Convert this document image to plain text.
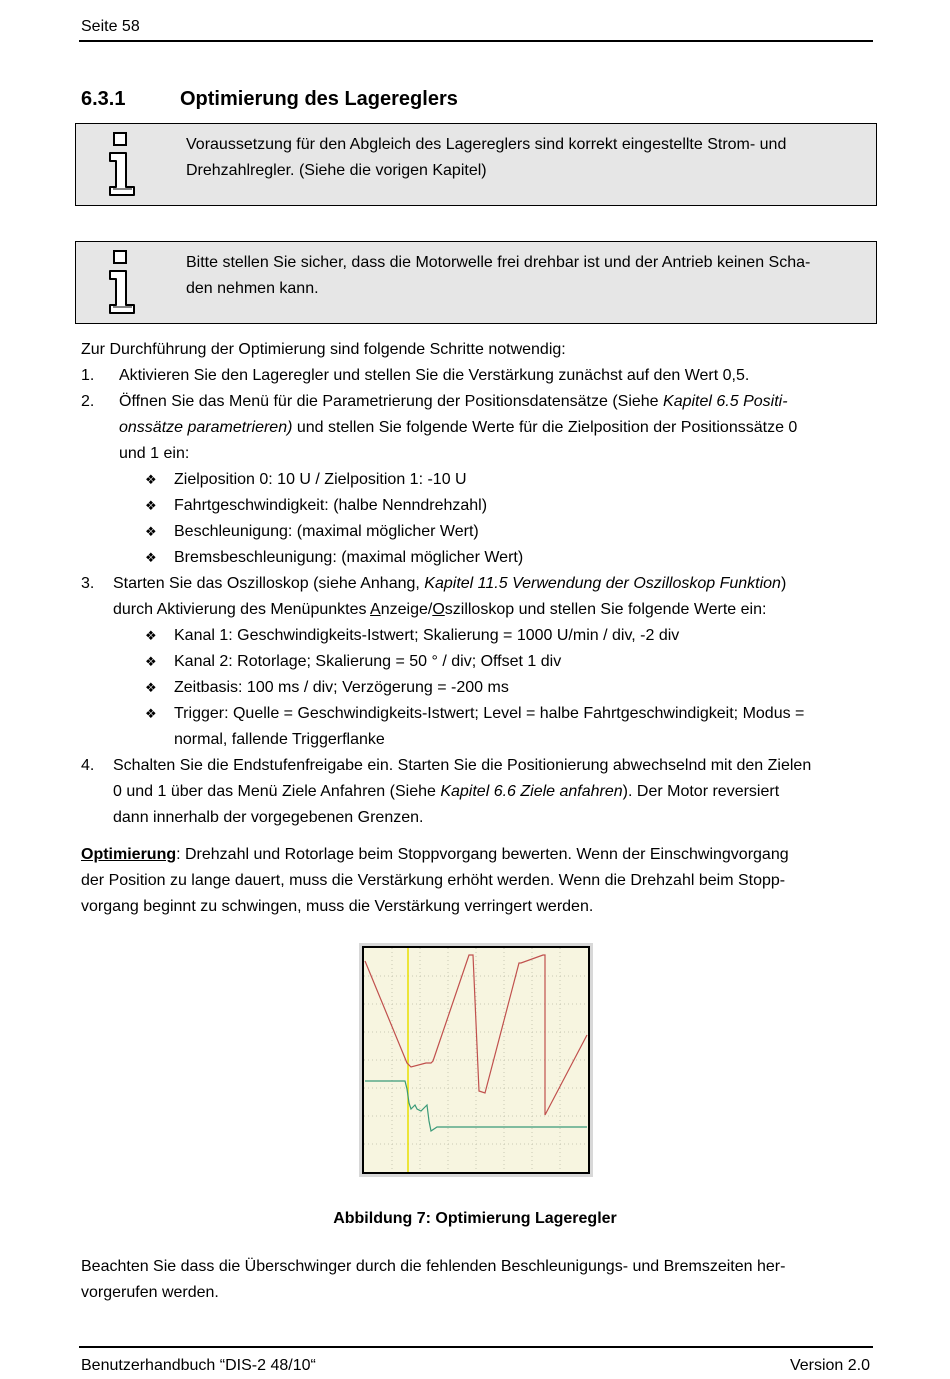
Seite 58
6.3.1	Optimierung des Lagereglers
Voraussetzung für den Abgleich des Lagereglers sind korrekt eingestellte Strom- und
Drehzahlregler. (Siehe die vorigen Kapitel)
Bitte stellen Sie sicher, dass die Motorwelle frei drehbar ist und der Antrieb keinen Scha-
den nehmen kann.
Zur Durchführung der Optimierung sind folgende Schritte notwendig:
1. Aktivieren Sie den Lageregler und stellen Sie die Verstärkung zunächst auf den Wert 0,5.
2. Öffnen Sie das Menü für die Parametrierung der Positionsdatensätze (Siehe Kapitel 6.5 Positi-
onssätze parametrieren) und stellen Sie folgende Werte für die Zielposition der Positionssätze 0
und 1 ein:
❖ Zielposition 0: 10 U / Zielposition 1: -10 U
❖ Fahrtgeschwindigkeit: (halbe Nenndrehzahl)
❖ Beschleunigung: (maximal möglicher Wert)
❖ Bremsbeschleunigung: (maximal möglicher Wert)
3. Starten Sie das Oszilloskop (siehe Anhang, Kapitel 11.5 Verwendung der Oszilloskop Funktion)
durch Aktivierung des Menüpunktes Anzeige/Oszilloskop und stellen Sie folgende Werte ein:
❖ Kanal 1: Geschwindigkeits-Istwert; Skalierung = 1000 U/min / div, -2 div
❖ Kanal 2: Rotorlage; Skalierung = 50 ° / div; Offset 1 div
❖ Zeitbasis: 100 ms / div; Verzögerung = -200 ms
❖ Trigger: Quelle = Geschwindigkeits-Istwert; Level = halbe Fahrtgeschwindigkeit; Modus =
normal, fallende Triggerflanke
4. Schalten Sie die Endstufenfreigabe ein. Starten Sie die Positionierung abwechselnd mit den Zielen
0 und 1 über das Menü Ziele Anfahren (Siehe Kapitel 6.6 Ziele anfahren). Der Motor reversiert
dann innerhalb der vorgegebenen Grenzen.
Optimierung: Drehzahl und Rotorlage beim Stoppvorgang bewerten. Wenn der Einschwingvorgang
der Position zu lange dauert, muss die Verstärkung erhöht werden. Wenn die Drehzahl beim Stopp-
vorgang beginnt zu schwingen, muss die Verstärkung verringert werden.
Abbildung 7: Optimierung Lageregler
Beachten Sie dass die Überschwinger durch die fehlenden Beschleunigungs- und Bremszeiten her-
vorgerufen werden.
Benutzerhandbuch “DIS-2 48/10“	Version 2.0
